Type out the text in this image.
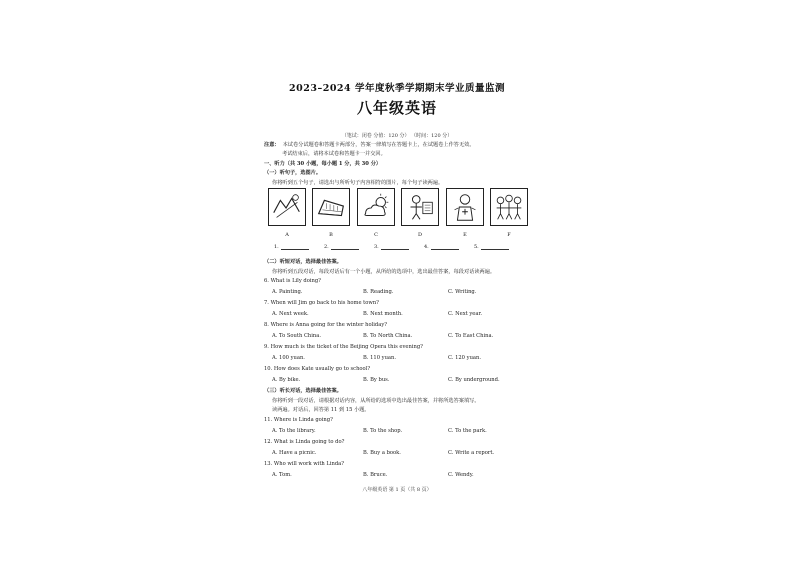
2023–2024 学年度秋季学期期末学业质量监测
八年级英语
（笔试：闭卷 分值：120 分） （时间：120 分）
注意： 本试卷分试题卷和答题卡两部分，答案一律填写在答题卡上，在试题卷上作答无效。
考试结束后，请将本试卷和答题卡一并交回。
一、听力（共 30 小题，每小题 1 分，共 30 分）
（一）听句子，选图片。
你将听到五个句子，请选出与所听句子内容相符的图片，每个句子读两遍。
A	B	C	D	E	F
1.	2.	3.	4.	5.
（二）听短对话，选择最佳答案。
你将听到五段对话，每段对话后有一个小题，从所给的选项中，选出最佳答案，每段对话读两遍。
6. What is Lily doing?
A. Painting.	B. Reading.	C. Writing.
7. When will Jim go back to his home town?
A. Next week.	B. Next month.	C. Next year.
8. Where is Anna going for the winter holiday?
A. To South China.	B. To North China.	C. To East China.
9. How much is the ticket of the Beijing Opera this evening?
A. 100 yuan.	B. 110 yuan.	C. 120 yuan.
10. How does Kate usually go to school?
A. By bike.	B. By bus.	C. By underground.
（三）听长对话，选择最佳答案。
你将听到一段对话，请根据对话内容，从所给的选项中选出最佳答案，并将所选答案填写。
读两遍。对话后，回答第 11 到 15 小题。
11. Where is Linda going?
A. To the library.	B. To the shop.	C. To the park.
12. What is Linda going to do?
A. Have a picnic.	B. Buy a book.	C. Write a report.
13. Who will work with Linda?
A. Tom.	B. Bruce.	C. Wendy.
八年级英语 第 1 页（共 8 页）
